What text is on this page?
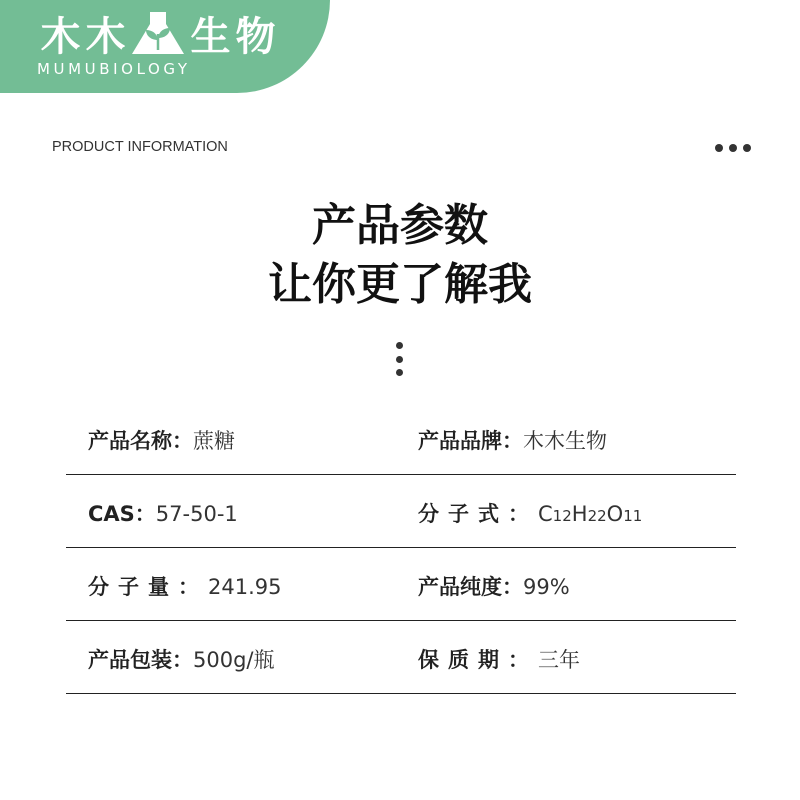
木 木 生 物
MUMUBIOLOGY
PRODUCT INFORMATION
产品参数
让你更了解我
产品名称：蔗糖	产品品牌：木木生物
CAS：57-50-1	分子式：C12H22O11
分子量：241.95	产品纯度：99%
产品包装：500g/瓶	保质期：三年
